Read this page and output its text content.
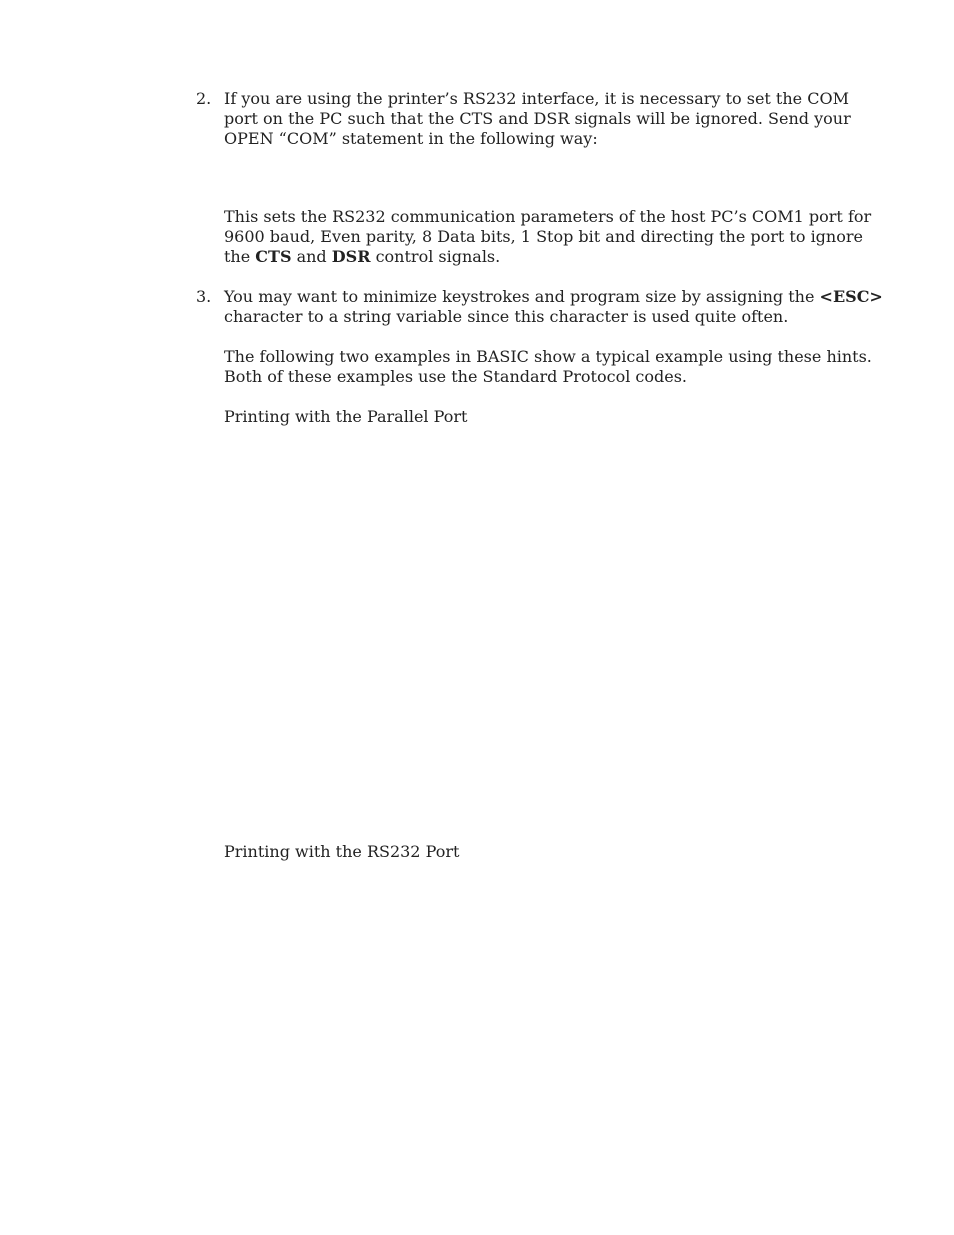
2. If you are using the printer’s RS232 interface, it is necessary to set the COM port on the PC such that the CTS and DSR signals will be ignored. Send your OPEN “COM” statement in the following way:

This sets the RS232 communication parameters of the host PC’s COM1 port for 9600 baud, Even parity, 8 Data bits, 1 Stop bit and directing the port to ignore the CTS and DSR control signals.

3. You may want to minimize keystrokes and program size by assigning the <ESC> character to a string variable since this character is used quite often.

The following two examples in BASIC show a typical example using these hints. Both of these examples use the Standard Protocol codes.

Printing with the Parallel Port

Printing with the RS232 Port
